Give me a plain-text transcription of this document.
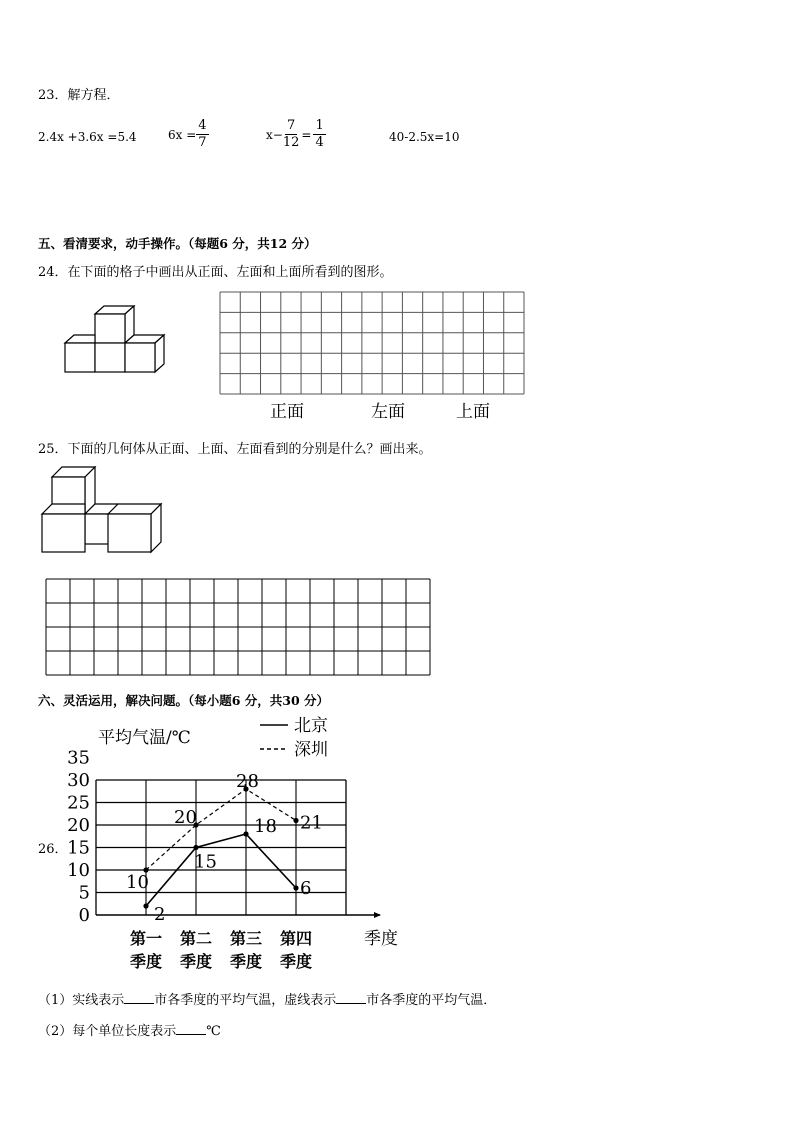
23．解方程．
2.4x +3.6x =5.4	$6x = \frac{4}{7}$	$x- \frac{7}{12} = \frac{1}{4}$	40-2.5x=10
五、看清要求，动手操作。（每题6 分，共12 分）
24．在下面的格子中画出从正面、左面和上面所看到的图形。
正面	左面	上面
25．下面的几何体从正面、上面、左面看到的分别是什么？画出来。
六、灵活运用，解决问题。（每小题6 分，共30 分）
26．
平均气温/℃
北京
深圳
0
5
10
15
20
25
30
35
第一
季度
第二
季度
第三
季度
第四
季度
2
15
18
6
10
20
28
21
季度
（1）实线表示 市各季度的平均气温，虚线表示 市各季度的平均气温．
（2）每个单位长度表示 ℃
